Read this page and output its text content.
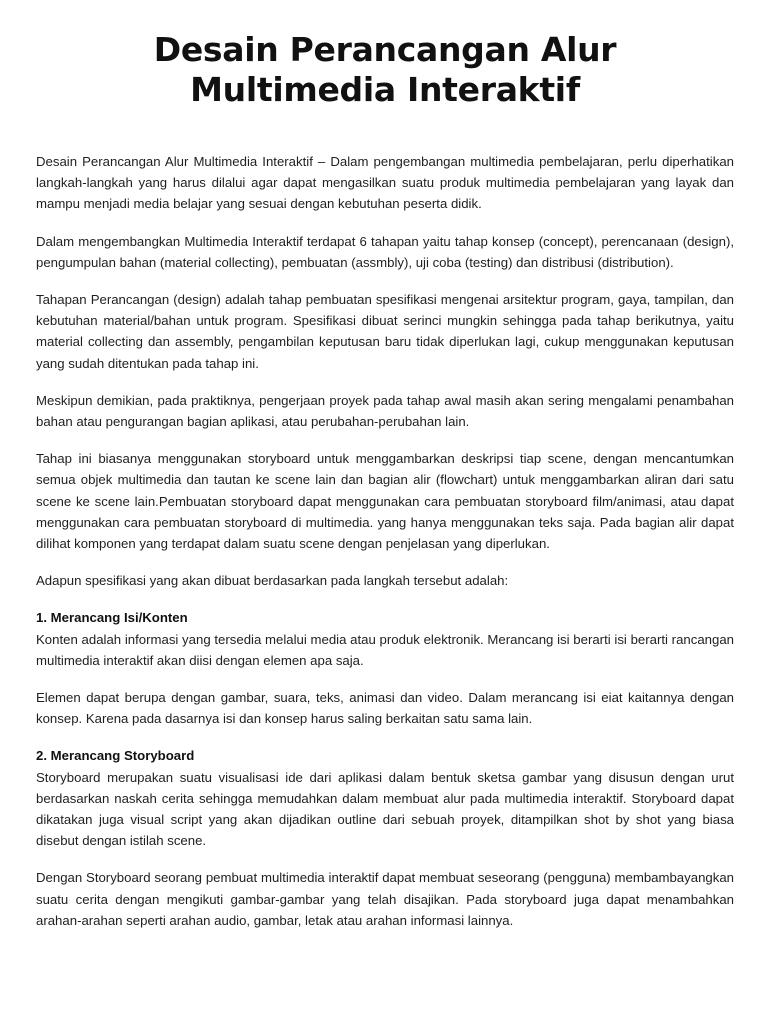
Desain Perancangan Alur
Multimedia Interaktif

Desain Perancangan Alur Multimedia Interaktif – Dalam pengembangan multimedia pembelajaran, perlu diperhatikan langkah-langkah yang harus dilalui agar dapat mengasilkan suatu produk multimedia pembelajaran yang layak dan mampu menjadi media belajar yang sesuai dengan kebutuhan peserta didik.

Dalam mengembangkan Multimedia Interaktif terdapat 6 tahapan yaitu tahap konsep (concept), perencanaan (design), pengumpulan bahan (material collecting), pembuatan (assmbly), uji coba (testing) dan distribusi (distribution).

Tahapan Perancangan (design) adalah tahap pembuatan spesifikasi mengenai arsitektur program, gaya, tampilan, dan kebutuhan material/bahan untuk program. Spesifikasi dibuat serinci mungkin sehingga pada tahap berikutnya, yaitu material collecting dan assembly, pengambilan keputusan baru tidak diperlukan lagi, cukup menggunakan keputusan yang sudah ditentukan pada tahap ini.

Meskipun demikian, pada praktiknya, pengerjaan proyek pada tahap awal masih akan sering mengalami penambahan bahan atau pengurangan bagian aplikasi, atau perubahan-perubahan lain.

Tahap ini biasanya menggunakan storyboard untuk menggambarkan deskripsi tiap scene, dengan mencantumkan semua objek multimedia dan tautan ke scene lain dan bagian alir (flowchart) untuk menggambarkan aliran dari satu scene ke scene lain.Pembuatan storyboard dapat menggunakan cara pembuatan storyboard film/animasi, atau dapat menggunakan cara pembuatan storyboard di multimedia. yang hanya menggunakan teks saja. Pada bagian alir dapat dilihat komponen yang terdapat dalam suatu scene dengan penjelasan yang diperlukan.

Adapun spesifikasi yang akan dibuat berdasarkan pada langkah tersebut adalah:

1. Merancang Isi/Konten

Konten adalah informasi yang tersedia melalui media atau produk elektronik. Merancang isi berarti isi berarti rancangan multimedia interaktif akan diisi dengan elemen apa saja.

Elemen dapat berupa dengan gambar, suara, teks, animasi dan video. Dalam merancang isi eiat kaitannya dengan konsep. Karena pada dasarnya isi dan konsep harus saling berkaitan satu sama lain.

2. Merancang Storyboard

Storyboard merupakan suatu visualisasi ide dari aplikasi dalam bentuk sketsa gambar yang disusun dengan urut berdasarkan naskah cerita sehingga memudahkan dalam membuat alur pada multimedia interaktif. Storyboard dapat dikatakan juga visual script yang akan dijadikan outline dari sebuah proyek, ditampilkan shot by shot yang biasa disebut dengan istilah scene.

Dengan Storyboard seorang pembuat multimedia interaktif dapat membuat seseorang (pengguna) membambayangkan suatu cerita dengan mengikuti gambar-gambar yang telah disajikan. Pada storyboard juga dapat menambahkan arahan-arahan seperti arahan audio, gambar, letak atau arahan informasi lainnya.
